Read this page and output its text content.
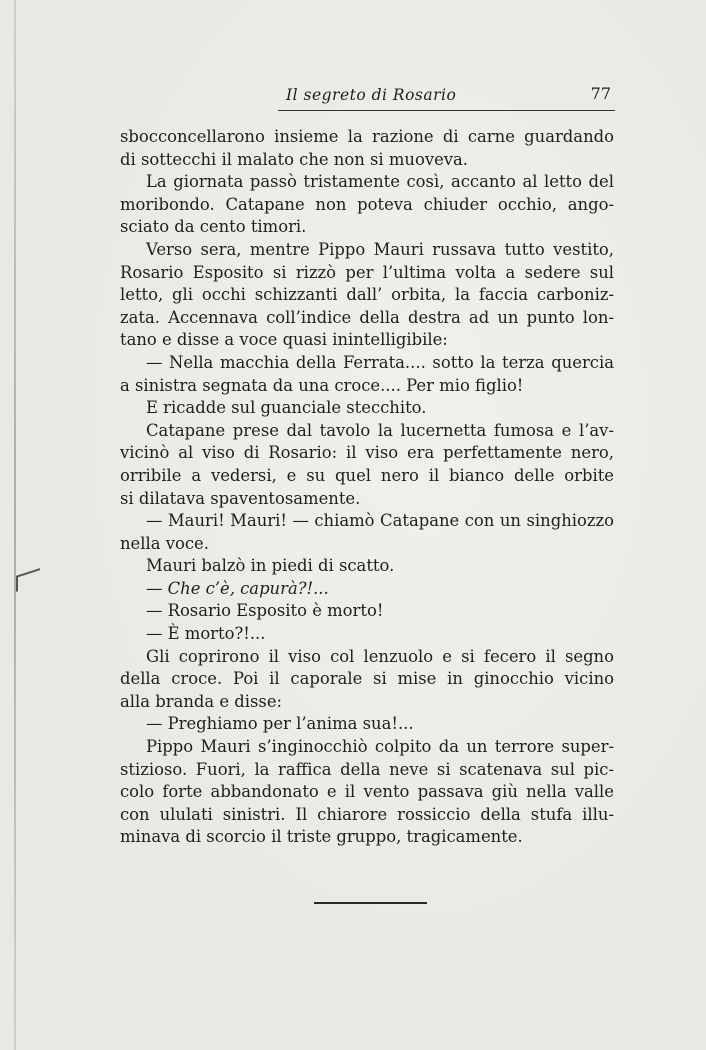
Il segreto di Rosario	77
sbocconcellarono insieme la razione di carne guardando
di sottecchi il malato che non si muoveva.
La giornata passò tristamente così, accanto al letto del
moribondo. Catapane non poteva chiuder occhio, ango-
sciato da cento timori.
Verso sera, mentre Pippo Mauri russava tutto vestito,
Rosario Esposito si rizzò per l’ultima volta a sedere sul
letto, gli occhi schizzanti dall’ orbita, la faccia carboniz-
zata. Accennava coll’indice della destra ad un punto lon-
tano e disse a voce quasi inintelligibile:
— Nella macchia della Ferrata.... sotto la terza quercia
a sinistra segnata da una croce.... Per mio figlio!
E ricadde sul guanciale stecchito.
Catapane prese dal tavolo la lucernetta fumosa e l’av-
vicinò al viso di Rosario: il viso era perfettamente nero,
orribile a vedersi, e su quel nero il bianco delle orbite
si dilatava spaventosamente.
— Mauri! Mauri! — chiamò Catapane con un singhiozzo
nella voce.
Mauri balzò in piedi di scatto.
— Che c’è, capurà?!...
— Rosario Esposito è morto!
— È morto?!...
Gli coprirono il viso col lenzuolo e si fecero il segno
della croce. Poi il caporale si mise in ginocchio vicino
alla branda e disse:
— Preghiamo per l’anima sua!...
Pippo Mauri s’inginocchiò colpito da un terrore super-
stizioso. Fuori, la raffica della neve si scatenava sul pic-
colo forte abbandonato e il vento passava giù nella valle
con ululati sinistri. Il chiarore rossiccio della stufa illu-
minava di scorcio il triste gruppo, tragicamente.
